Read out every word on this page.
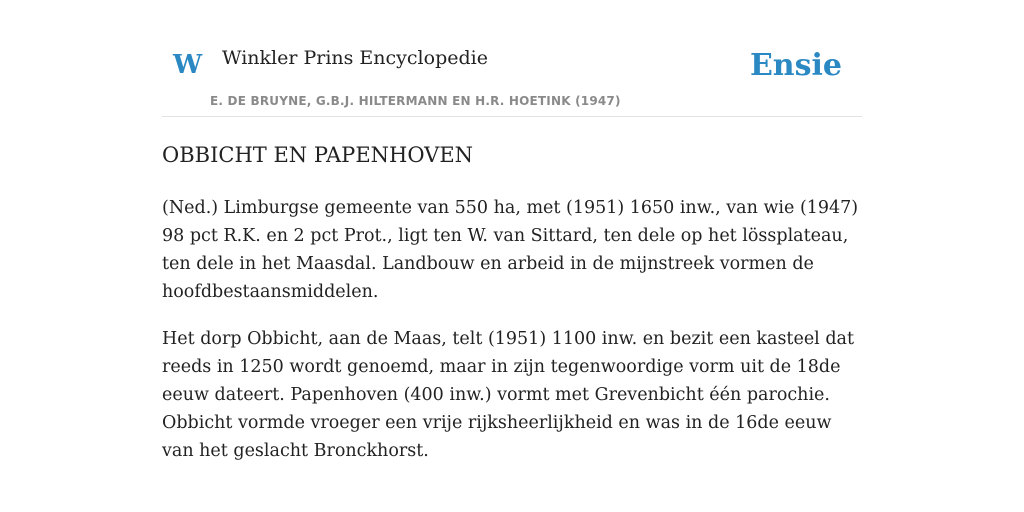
W Winkler Prins Encyclopedie
E. DE BRUYNE, G.B.J. HILTERMANN EN H.R. HOETINK (1947)
Ensie
OBBICHT EN PAPENHOVEN

(Ned.) Limburgse gemeente van 550 ha, met (1951) 1650 inw., van wie (1947) 98 pct R.K. en 2 pct Prot., ligt ten W. van Sittard, ten dele op het lössplateau, ten dele in het Maasdal. Landbouw en arbeid in de mijnstreek vormen de hoofdbestaansmiddelen.

Het dorp Obbicht, aan de Maas, telt (1951) 1100 inw. en bezit een kasteel dat reeds in 1250 wordt genoemd, maar in zijn tegenwoordige vorm uit de 18de eeuw dateert. Papenhoven (400 inw.) vormt met Grevenbicht één parochie. Obbicht vormde vroeger een vrije rijksheerlijkheid en was in de 16de eeuw van het geslacht Bronckhorst.
